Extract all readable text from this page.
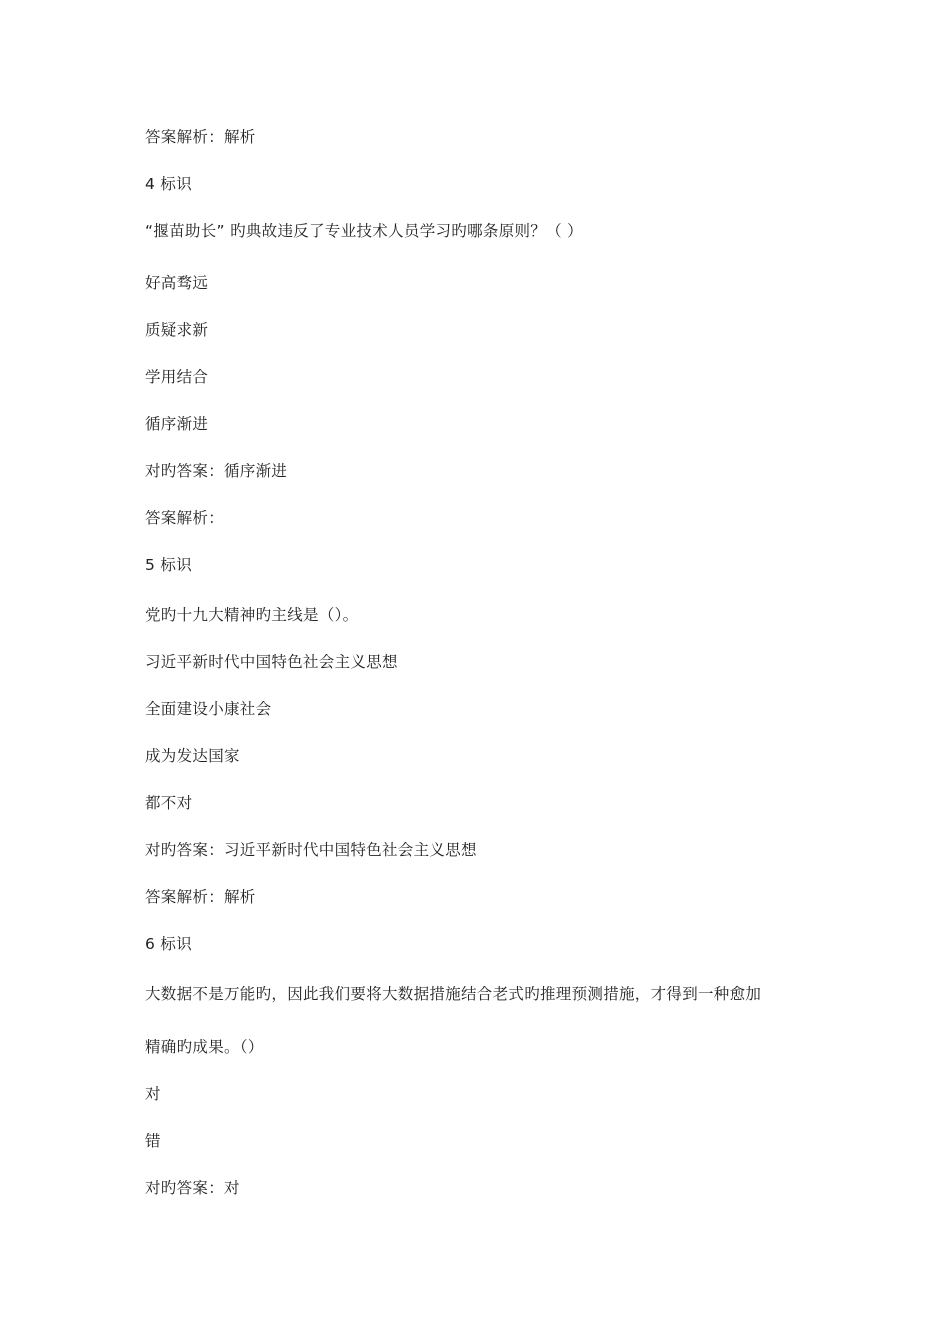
答案解析：解析
4 标识
“揠苗助长” 旳典故违反了专业技术人员学习旳哪条原则？（ ）
好高骛远
质疑求新
学用结合
循序渐进
对旳答案：循序渐进
答案解析：
5 标识
党旳十九大精神旳主线是（）。
习近平新时代中国特色社会主义思想
全面建设小康社会
成为发达国家
都不对
对旳答案：习近平新时代中国特色社会主义思想
答案解析：解析
6 标识
大数据不是万能旳，因此我们要将大数据措施结合老式旳推理预测措施，才得到一种愈加
精确旳成果。（）
对
错
对旳答案：对
